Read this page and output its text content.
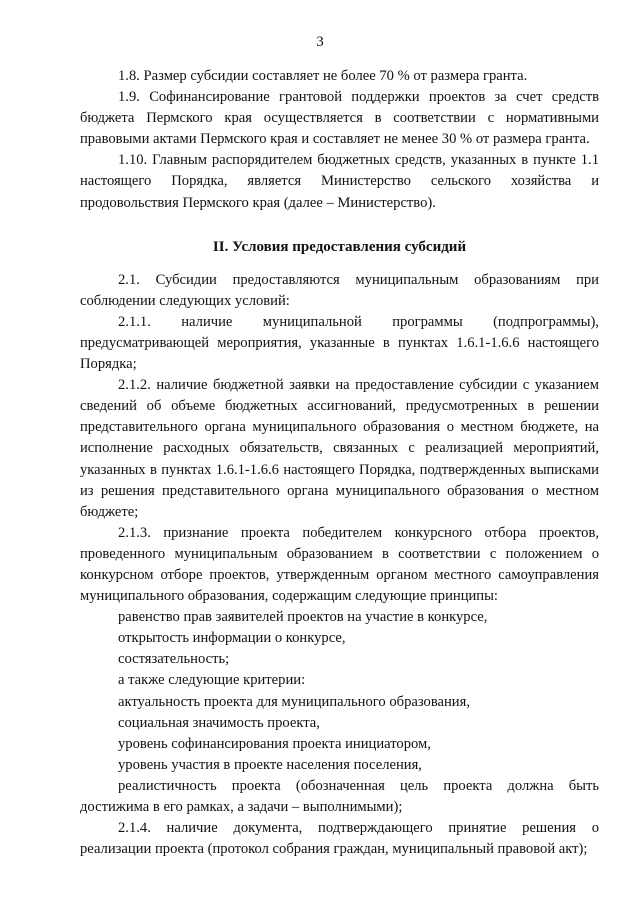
3

1.8. Размер субсидии составляет не более 70 % от размера гранта.

1.9. Софинансирование грантовой поддержки проектов за счет средств бюджета Пермского края осуществляется в соответствии с нормативными правовыми актами Пермского края и составляет не менее 30 % от размера гранта.

1.10. Главным распорядителем бюджетных средств, указанных в пункте 1.1 настоящего Порядка, является Министерство сельского хозяйства и продовольствия Пермского края (далее – Министерство).

II. Условия предоставления субсидий

2.1. Субсидии предоставляются муниципальным образованиям при соблюдении следующих условий:

2.1.1. наличие муниципальной программы (подпрограммы), предусматривающей мероприятия, указанные в пунктах 1.6.1-1.6.6 настоящего Порядка;

2.1.2. наличие бюджетной заявки на предоставление субсидии с указанием сведений об объеме бюджетных ассигнований, предусмотренных в решении представительного органа муниципального образования о местном бюджете, на исполнение расходных обязательств, связанных с реализацией мероприятий, указанных в пунктах 1.6.1-1.6.6 настоящего Порядка, подтвержденных выписками из решения представительного органа муниципального образования о местном бюджете;

2.1.3. признание проекта победителем конкурсного отбора проектов, проведенного муниципальным образованием в соответствии с положением о конкурсном отборе проектов, утвержденным органом местного самоуправления муниципального образования, содержащим следующие принципы:

равенство прав заявителей проектов на участие в конкурсе,

открытость информации о конкурсе,

состязательность;

а также следующие критерии:

актуальность проекта для муниципального образования,

социальная значимость проекта,

уровень софинансирования проекта инициатором,

уровень участия в проекте населения поселения,

реалистичность проекта (обозначенная цель проекта должна быть достижима в его рамках, а задачи – выполнимыми);

2.1.4. наличие документа, подтверждающего принятие решения о реализации проекта (протокол собрания граждан, муниципальный правовой акт);
